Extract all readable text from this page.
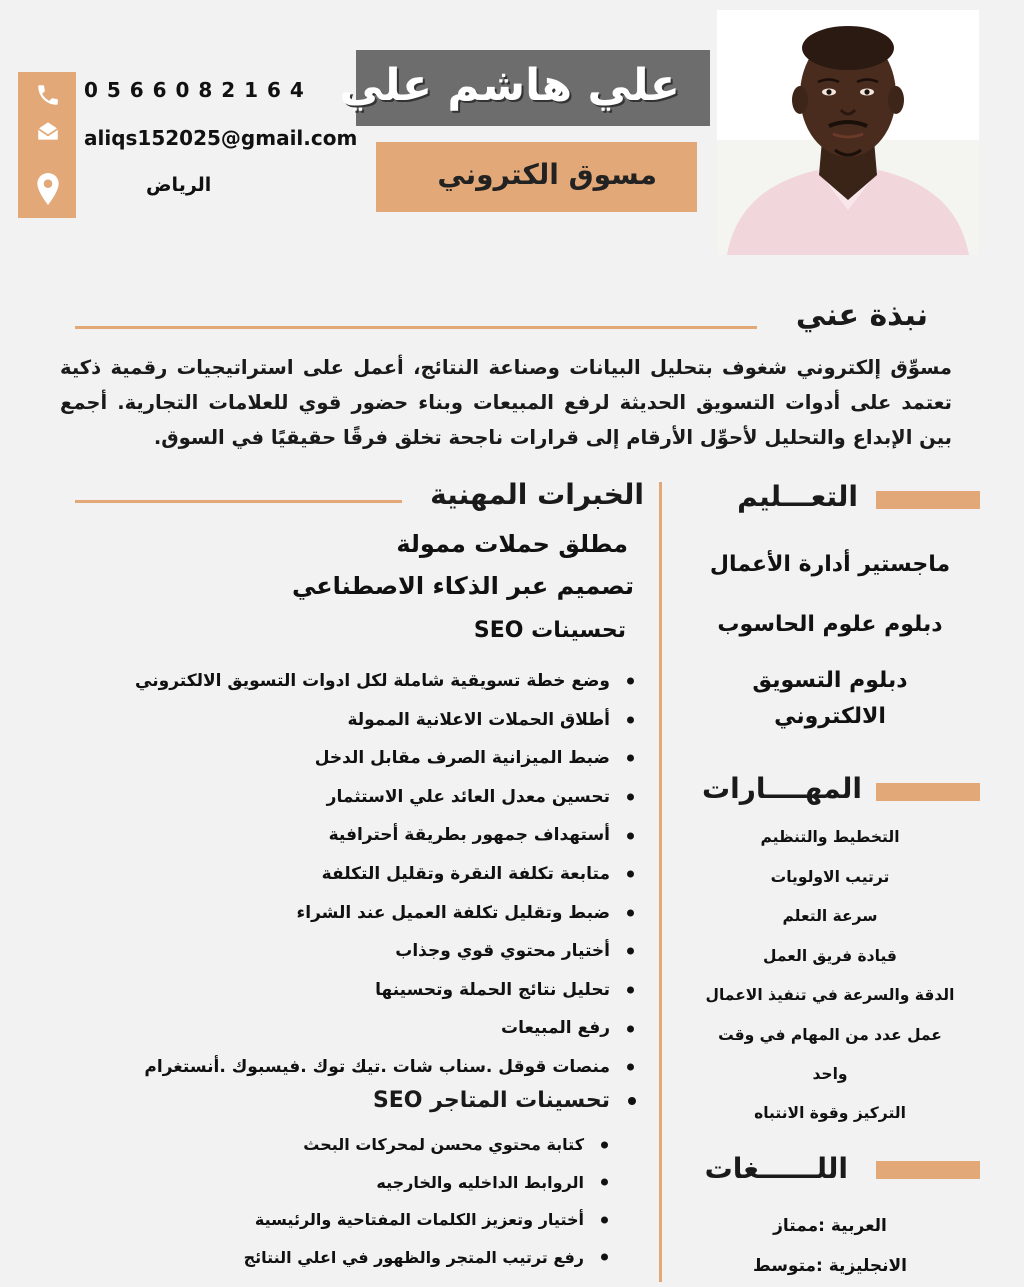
0 5 6 6 0 8 2 1 6 4
aliqs152025@gmail.com
الرياض
علي هاشم علي
مسوق الكتروني
نبذة عني
مسوِّق إلكتروني شغوف بتحليل البيانات وصناعة النتائج، أعمل على استراتيجيات رقمية ذكية تعتمد على أدوات التسويق الحديثة لرفع المبيعات وبناء حضور قوي للعلامات التجارية. أجمع بين الإبداع والتحليل لأحوِّل الأرقام إلى قرارات ناجحة تخلق فرقًا حقيقيًا في السوق.
الخبرات المهنية
مطلق حملات ممولة
تصميم عبر الذكاء الاصطناعي
تحسينات SEO
وضع خطة تسويقية شاملة لكل ادوات التسويق الالكتروني
أطلاق الحملات الاعلانية الممولة
ضبط الميزانية الصرف مقابل الدخل
تحسين معدل العائد علي الاستثمار
أستهداف جمهور بطريقة أحترافية
متابعة تكلفة النقرة وتقليل التكلفة
ضبط وتقليل تكلفة العميل عند الشراء
أختيار محتوي قوي وجذاب
تحليل نتائج الحملة وتحسينها
رفع المبيعات
منصات قوقل .سناب شات .تيك توك .فيسبوك .أنستغرام
تحسينات المتاجر SEO
كتابة محتوي محسن لمحركات البحث
الروابط الداخليه والخارجيه
أختيار وتعزيز الكلمات المفتاحية والرئيسية
رفع ترتيب المتجر والظهور في اعلي النتائج
التعـــليم
ماجستير أدارة الأعمال
دبلوم علوم الحاسوب
دبلوم التسويق
الالكتروني
المهــــارات
التخطيط والتنظيم
ترتيب الاولويات
سرعة التعلم
قيادة فريق العمل
الدقة والسرعة في تنفيذ الاعمال
عمل عدد من المهام في وقت
واحد
التركيز وقوة الانتباه
اللــــــغات
العربية :ممتاز
الانجليزية :متوسط
